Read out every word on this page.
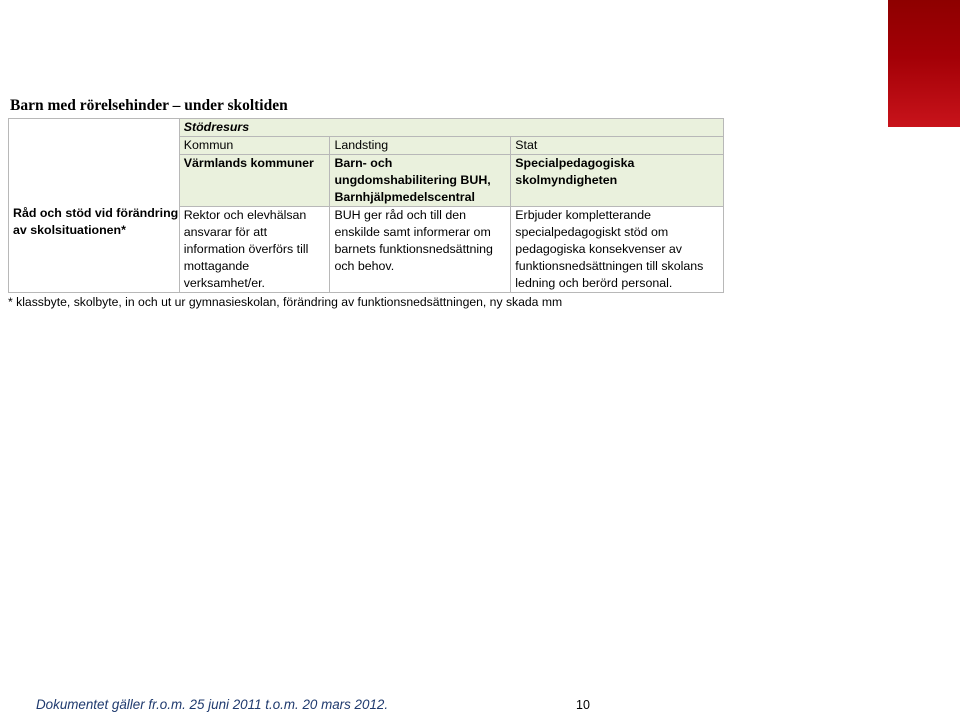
Barn med rörelsehinder – under skoltiden
Råd och stöd vid förändring av skolsituationen*	Stödresurs		
	Kommun	Landsting	Stat
	Värmlands kommuner	Barn- och ungdomshabilitering BUH, Barnhjälpmedelscentral	Specialpedagogiska skolmyndigheten
	Rektor och elevhälsan ansvarar för att information överförs till mottagande verksamhet/er.	BUH ger råd och till den enskilde samt informerar om barnets funktionsnedsättning och behov.	Erbjuder kompletterande specialpedagogiskt stöd om pedagogiska konsekvenser av funktionsnedsättningen till skolans ledning och berörd personal.
* klassbyte, skolbyte, in och ut ur gymnasieskolan, förändring av funktionsnedsättningen, ny skada mm
Dokumentet gäller fr.o.m. 25 juni 2011 t.o.m. 20 mars 2012.	10
